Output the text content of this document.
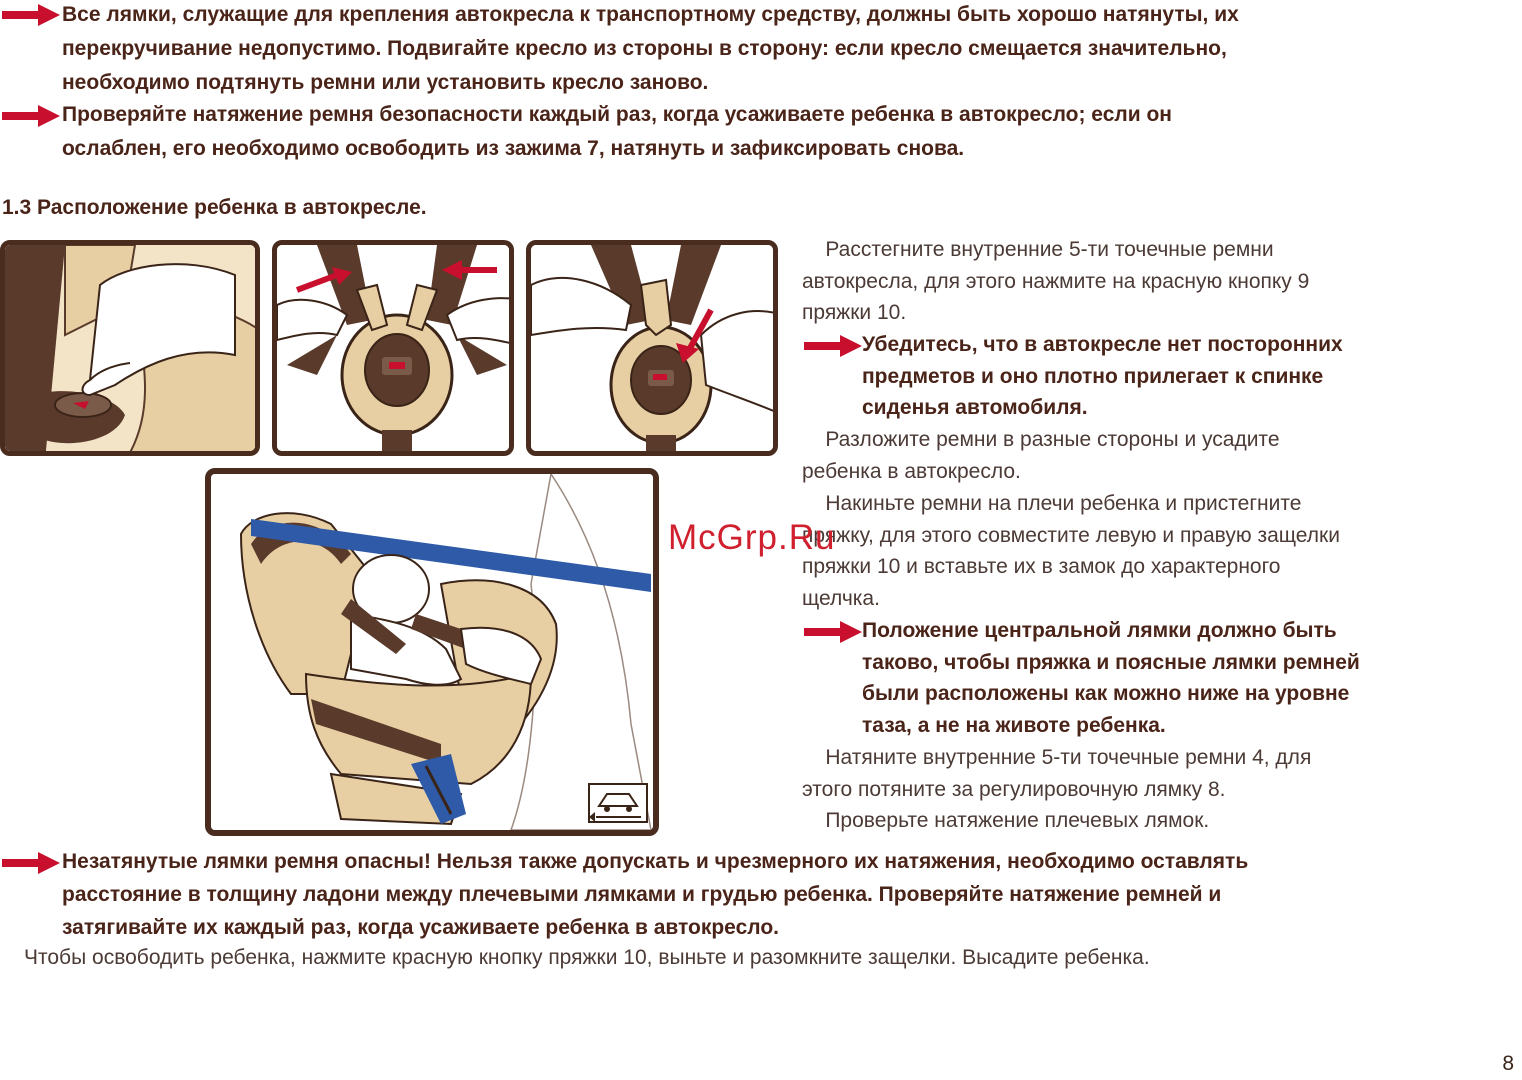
Все лямки, служащие для крепления автокресла к транспортному средству, должны быть хорошо натянуты, их
перекручивание недопустимо. Подвигайте кресло из стороны в сторону: если кресло смещается значительно,
необходимо подтянуть ремни или установить кресло заново.
Проверяйте натяжение ремня безопасности каждый раз, когда усаживаете ребенка в автокресло; если он
ослаблен, его необходимо освободить из зажима 7, натянуть и зафиксировать снова.
1.3 Расположение ребенка в автокресле.
Расстегните внутренние 5-ти точечные ремни
автокресла, для этого нажмите на красную кнопку 9
пряжки 10.
Убедитесь, что в автокресле нет посторонних
предметов и оно плотно прилегает к спинке
сиденья автомобиля.
Разложите ремни в разные стороны и усадите
ребенка в автокресло.
Накиньте ремни на плечи ребенка и пристегните
пряжку, для этого совместите левую и правую защелки
пряжки 10 и вставьте их в замок до характерного
щелчка.
Положение центральной лямки должно быть
таково, чтобы пряжка и поясные лямки ремней
были расположены как можно ниже на уровне
таза, а не на животе ребенка.
Натяните внутренние 5-ти точечные ремни 4, для
этого потяните за регулировочную лямку 8.
Проверьте натяжение плечевых лямок.
McGrp.Ru
Незатянутые лямки ремня опасны! Нельзя также допускать и чрезмерного их натяжения, необходимо оставлять
расстояние в толщину ладони между плечевыми лямками и грудью ребенка. Проверяйте натяжение ремней и
затягивайте их каждый раз, когда усаживаете ребенка в автокресло.
Чтобы освободить ребенка, нажмите красную кнопку пряжки 10, выньте и разомкните защелки. Высадите ребенка.
8
